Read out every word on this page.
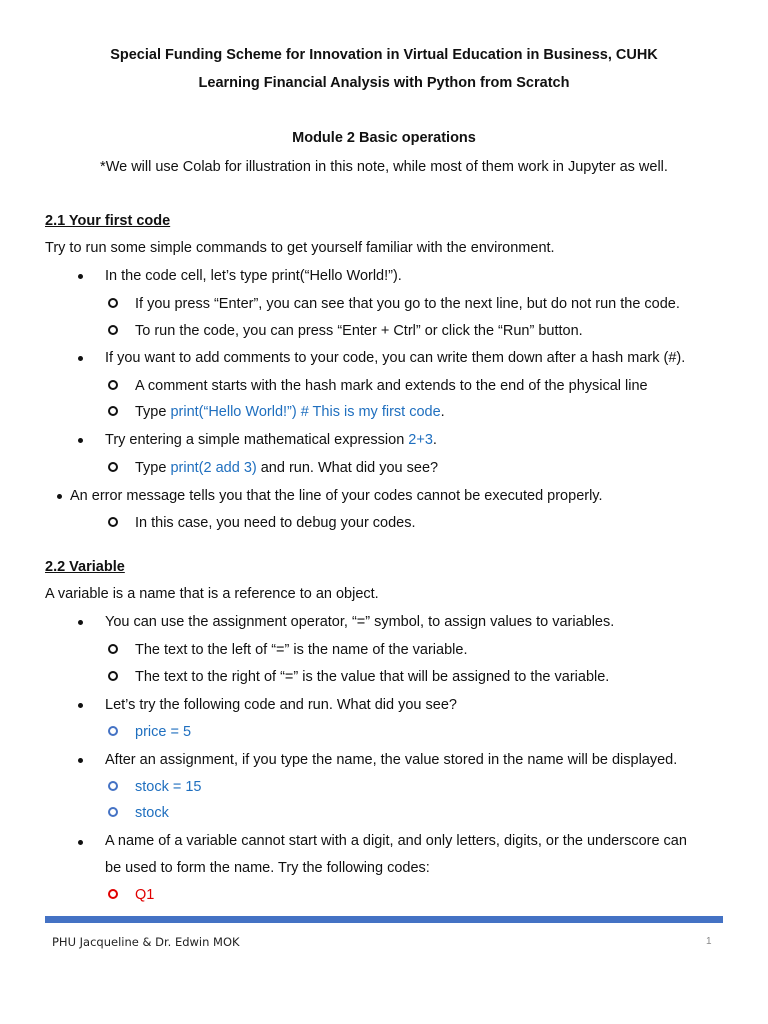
Special Funding Scheme for Innovation in Virtual Education in Business, CUHK
Learning Financial Analysis with Python from Scratch
Module 2 Basic operations
*We will use Colab for illustration in this note, while most of them work in Jupyter as well.
2.1 Your first code
Try to run some simple commands to get yourself familiar with the environment.
In the code cell, let’s type print(“Hello World!”).
If you press “Enter”, you can see that you go to the next line, but do not run the code.
To run the code, you can press “Enter + Ctrl” or click the “Run” button.
If you want to add comments to your code, you can write them down after a hash mark (#).
A comment starts with the hash mark and extends to the end of the physical line
Type print(“Hello World!”) # This is my first code.
Try entering a simple mathematical expression 2+3.
Type print(2 add 3) and run. What did you see?
An error message tells you that the line of your codes cannot be executed properly.
In this case, you need to debug your codes.
2.2 Variable
A variable is a name that is a reference to an object.
You can use the assignment operator, “=” symbol, to assign values to variables.
The text to the left of “=” is the name of the variable.
The text to the right of “=” is the value that will be assigned to the variable.
Let’s try the following code and run. What did you see?
price = 5
After an assignment, if you type the name, the value stored in the name will be displayed.
stock = 15
stock
A name of a variable cannot start with a digit, and only letters, digits, or the underscore can
be used to form the name. Try the following codes:
Q1
PHU Jacqueline & Dr. Edwin MOK	1
